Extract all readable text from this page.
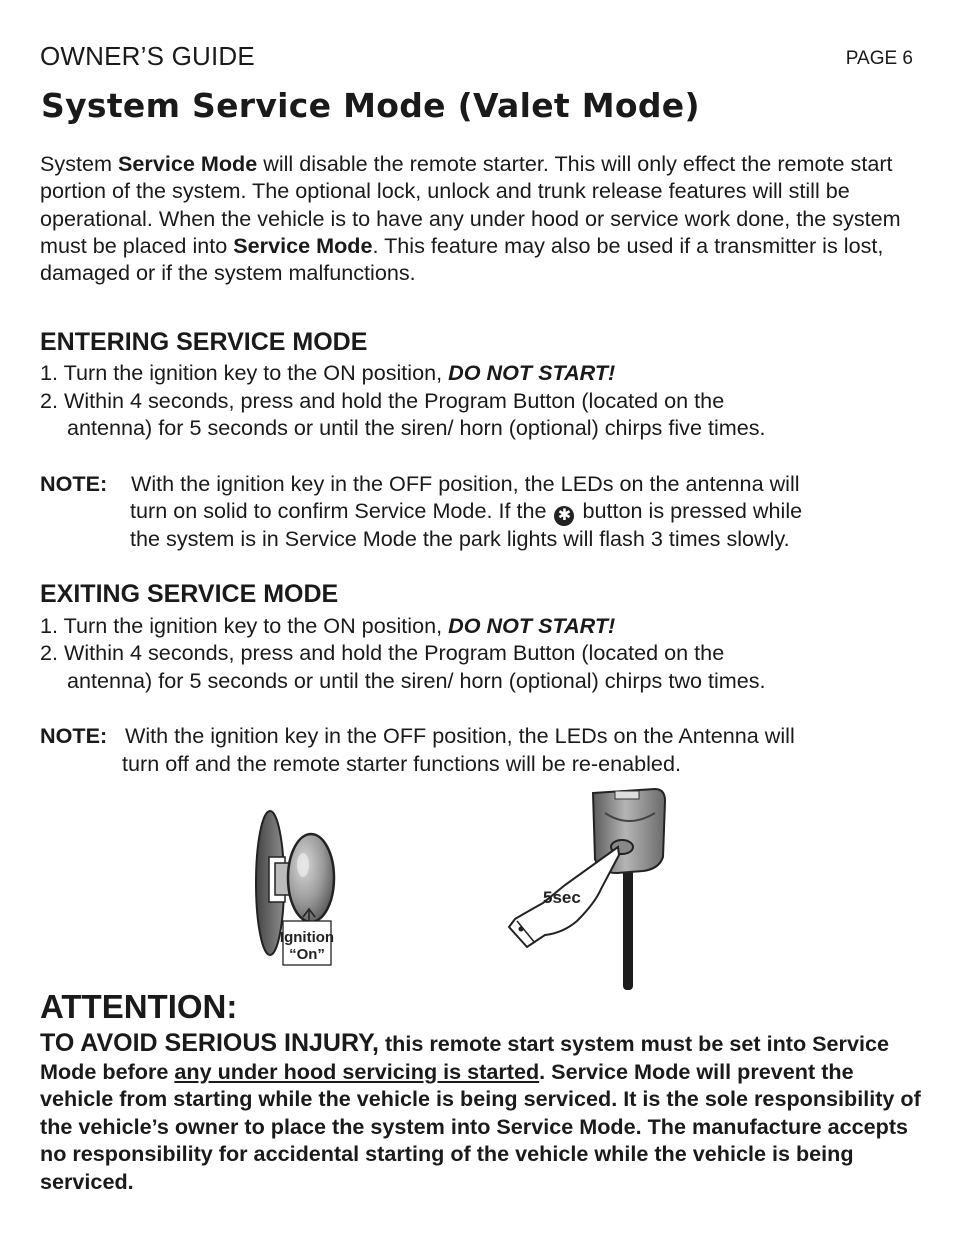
OWNER’S GUIDE	PAGE 6
System Service Mode (Valet Mode)
System Service Mode will disable the remote starter. This will only effect the remote start portion of the system. The optional lock, unlock and trunk release features will still be operational. When the vehicle is to have any under hood or service work done, the system must be placed into Service Mode. This feature may also be used if a transmitter is lost, damaged or if the system malfunctions.
ENTERING SERVICE MODE
1. Turn the ignition key to the ON position, DO NOT START!
2. Within 4 seconds, press and hold the Program Button (located on the
antenna) for 5 seconds or until the siren/ horn (optional) chirps five times.
NOTE: With the ignition key in the OFF position, the LEDs on the antenna will
turn on solid to confirm Service Mode. If the ✱ button is pressed while
the system is in Service Mode the park lights will flash 3 times slowly.
EXITING SERVICE MODE
1. Turn the ignition key to the ON position, DO NOT START!
2. Within 4 seconds, press and hold the Program Button (located on the
antenna) for 5 seconds or until the siren/ horn (optional) chirps two times.
NOTE: With the ignition key in the OFF position, the LEDs on the Antenna will
turn off and the remote starter functions will be re-enabled.
Ignition
“On”
5sec
ATTENTION:
TO AVOID SERIOUS INJURY, this remote start system must be set into Service Mode before any under hood servicing is started. Service Mode will prevent the vehicle from starting while the vehicle is being serviced. It is the sole responsibility of the vehicle’s owner to place the system into Service Mode. The manufacture accepts no responsibility for accidental starting of the vehicle while the vehicle is being serviced.
